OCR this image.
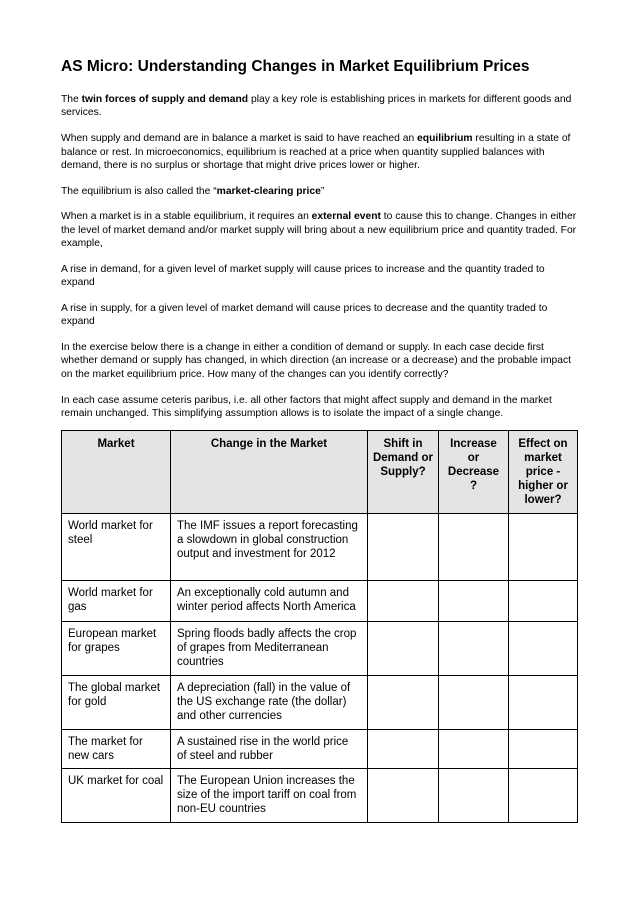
AS Micro: Understanding Changes in Market Equilibrium Prices

The twin forces of supply and demand play a key role is establishing prices in markets for different goods and services.

When supply and demand are in balance a market is said to have reached an equilibrium resulting in a state of balance or rest. In microeconomics, equilibrium is reached at a price when quantity supplied balances with demand, there is no surplus or shortage that might drive prices lower or higher.

The equilibrium is also called the “market-clearing price”

When a market is in a stable equilibrium, it requires an external event to cause this to change. Changes in either the level of market demand and/or market supply will bring about a new equilibrium price and quantity traded. For example,

A rise in demand, for a given level of market supply will cause prices to increase and the quantity traded to expand

A rise in supply, for a given level of market demand will cause prices to decrease and the quantity traded to expand

In the exercise below there is a change in either a condition of demand or supply. In each case decide first whether demand or supply has changed, in which direction (an increase or a decrease) and the probable impact on the market equilibrium price. How many of the changes can you identify correctly?

In each case assume ceteris paribus, i.e. all other factors that might affect supply and demand in the market remain unchanged. This simplifying assumption allows is to isolate the impact of a single change.

Market	Change in the Market	Shift in Demand or Supply?	Increase or Decrease ?	Effect on market price - higher or lower?
World market for steel	The IMF issues a report forecasting a slowdown in global construction output and investment for 2012			
World market for gas	An exceptionally cold autumn and winter period affects North America			
European market for grapes	Spring floods badly affects the crop of grapes from Mediterranean countries			
The global market for gold	A depreciation (fall) in the value of the US exchange rate (the dollar) and other currencies			
The market for new cars	A sustained rise in the world price of steel and rubber			
UK market for coal	The European Union increases the size of the import tariff on coal from non-EU countries			
